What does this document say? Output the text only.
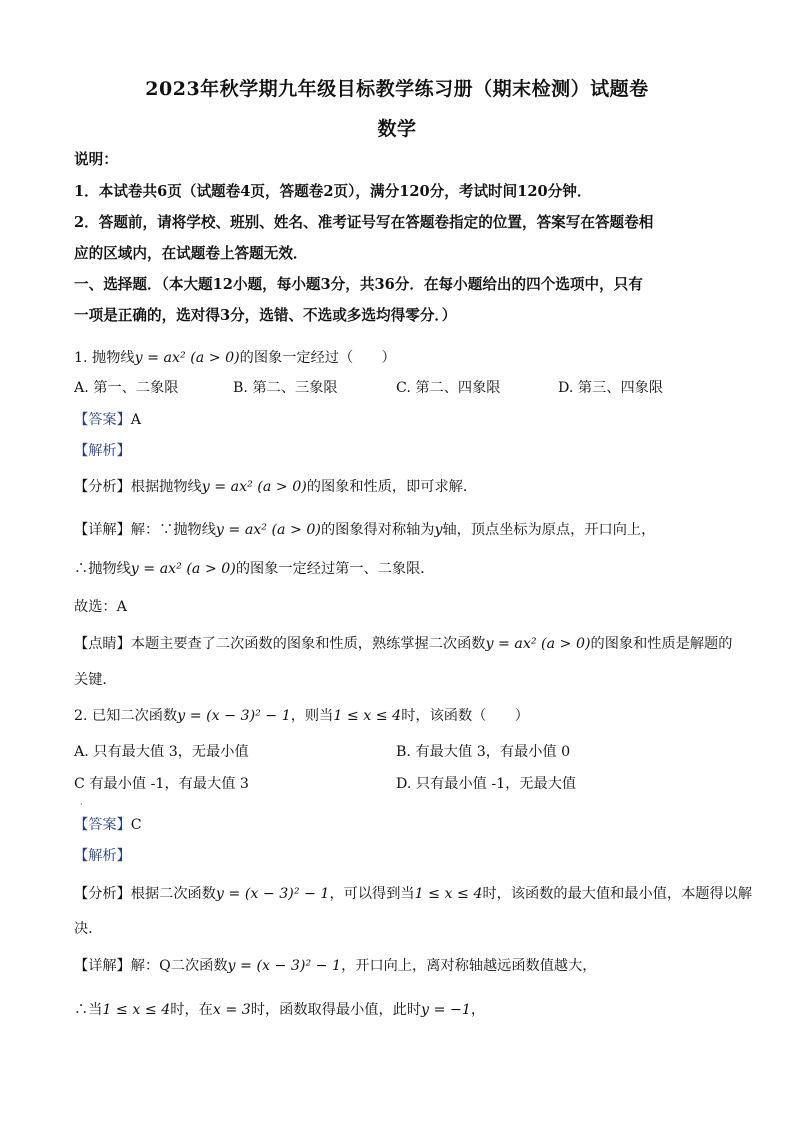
2023年秋学期九年级目标教学练习册（期末检测）试题卷
数学
说明：
1．本试卷共6页（试题卷4页，答题卷2页），满分120分，考试时间120分钟．
2．答题前，请将学校、班别、姓名、准考证号写在答题卷指定的位置，答案写在答题卷相
应的区域内，在试题卷上答题无效．
一、选择题．（本大题12小题，每小题3分，共36分．在每小题给出的四个选项中，只有
一项是正确的，选对得3分，选错、不选或多选均得零分．）
1. 抛物线y = ax² (a > 0)的图象一定经过（　　）
A. 第一、二象限	B. 第二、三象限	C. 第二、四象限	D. 第三、四象限
【答案】A
【解析】
【分析】根据抛物线y = ax² (a > 0)的图象和性质，即可求解．
【详解】解：∵抛物线y = ax² (a > 0)的图象得对称轴为y轴，顶点坐标为原点，开口向上，
∴抛物线y = ax² (a > 0)的图象一定经过第一、二象限．
故选：A
【点睛】本题主要查了二次函数的图象和性质，熟练掌握二次函数y = ax² (a > 0)的图象和性质是解题的
关键．
2. 已知二次函数y = (x − 3)² − 1，则当1 ≤ x ≤ 4时，该函数（　　）
A. 只有最大值 3，无最小值	B. 有最大值 3，有最小值 0
C 有最小值 -1，有最大值 3	D. 只有最小值 -1，无最大值
·
【答案】C
【解析】
【分析】根据二次函数y = (x − 3)² − 1，可以得到当1 ≤ x ≤ 4时，该函数的最大值和最小值，本题得以解
决．
【详解】解：Q二次函数y = (x − 3)² − 1，开口向上，离对称轴越远函数值越大，
∴当1 ≤ x ≤ 4时，在x = 3时，函数取得最小值，此时y = −1，
